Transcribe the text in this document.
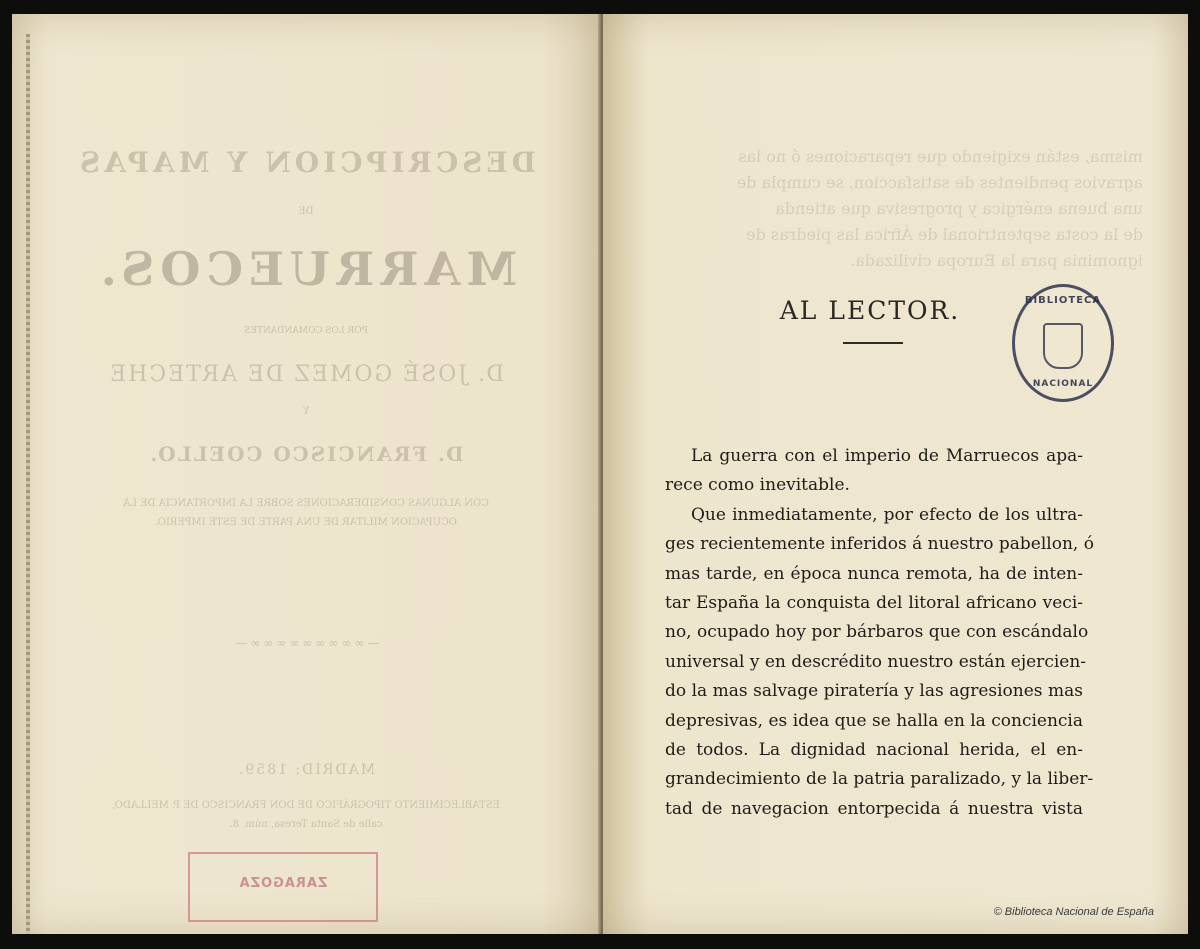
DESCRIPCION Y MAPAS
DE
MARRUECOS.
POR LOS COMANDANTES
D. JOSÉ GOMEZ DE ARTECHE
Y
D. FRANCISCO COELLO.
CON ALGUNAS CONSIDERACIONES SOBRE LA IMPORTANCIA DE LA
OCUPACION MILITAR DE UNA PARTE DE ESTE IMPERIO.
—∞∞∞∞∞∞∞∞∞—
MADRID: 1859.
ESTABLECIMIENTO TIPOGRÁFICO DE DON FRANCISCO DE P. MELLADO,
calle de Santa Teresa, núm. 8.
ZARAGOZA
misma, están exigiendo que reparaciones ó no las
agravios pendientes de satisfaccion, se cumpla de
una buena enérgica y progresiva que atienda
de la costa septentrional de África las piedras de
ignominia para la Europa civilizada.
AL LECTOR.	BIBLIOTECA
NACIONAL
La guerra con el imperio de Marruecos apa-
rece como inevitable.
Que inmediatamente, por efecto de los ultra-
ges recientemente inferidos á nuestro pabellon, ó
mas tarde, en época nunca remota, ha de inten-
tar España la conquista del litoral africano veci-
no, ocupado hoy por bárbaros que con escándalo
universal y en descrédito nuestro están ejercien-
do la mas salvage piratería y las agresiones mas
depresivas, es idea que se halla en la conciencia
de todos. La dignidad nacional herida, el en-
grandecimiento de la patria paralizado, y la liber-
tad de navegacion entorpecida á nuestra vista
© Biblioteca Nacional de España
